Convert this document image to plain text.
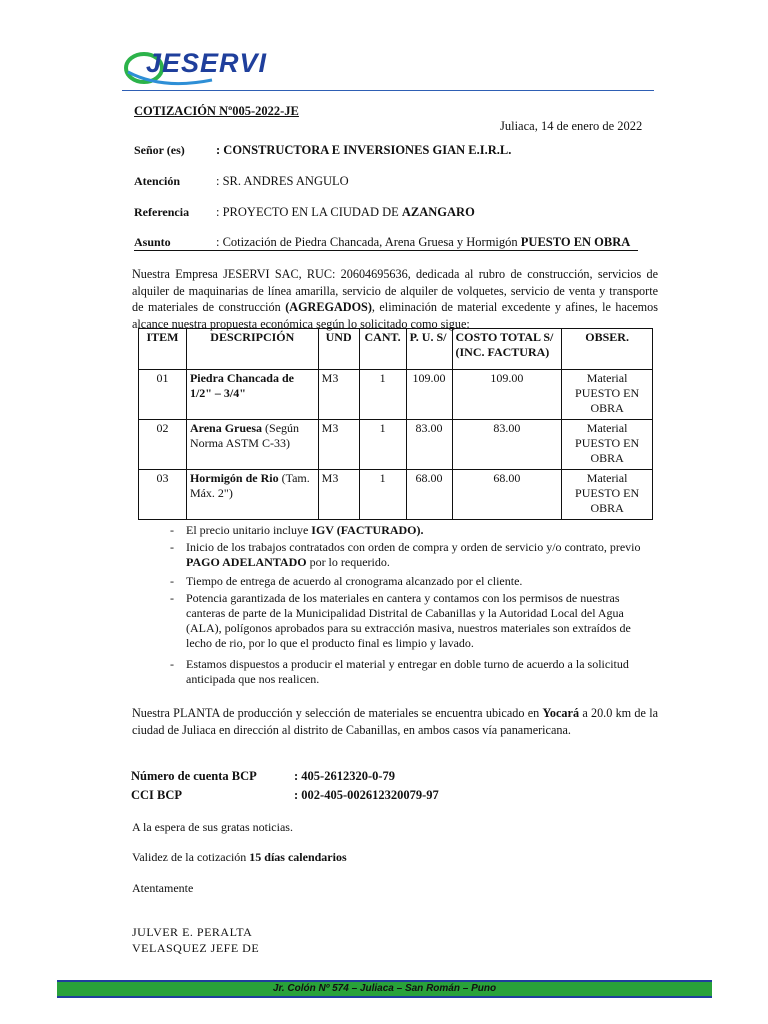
JESERVI
COTIZACIÓN Nº005-2022-JE
Juliaca, 14 de enero de 2022
Señor (es) : CONSTRUCTORA E INVERSIONES GIAN E.I.R.L.
Atención	: SR. ANDRES ANGULO
Referencia : PROYECTO EN LA CIUDAD DE AZANGARO
Asunto	: Cotización de Piedra Chancada, Arena Gruesa y Hormigón PUESTO EN OBRA
Nuestra Empresa JESERVI SAC, RUC: 20604695636, dedicada al rubro de construcción, servicios de alquiler de maquinarias de línea amarilla, servicio de alquiler de volquetes, servicio de venta y transporte de materiales de construcción (AGREGADOS), eliminación de material excedente y afines, le hacemos alcance nuestra propuesta económica según lo solicitado como sigue:
ITEM	DESCRIPCIÓN	UND	CANT.	P. U. S/	COSTO TOTAL S/ (INC. FACTURA)	OBSER.
01	Piedra Chancada de 1/2" – 3/4"	M3	1	109.00	109.00	Material PUESTO EN OBRA
02	Arena Gruesa (Según Norma ASTM C-33)	M3	1	83.00	83.00	Material PUESTO EN OBRA
03	Hormigón de Rio (Tam. Máx. 2")	M3	1	68.00	68.00	Material PUESTO EN OBRA

- El precio unitario incluye IGV (FACTURADO).

- Inicio de los trabajos contratados con orden de compra y orden de servicio y/o contrato, previo PAGO ADELANTADO por lo requerido.

- Tiempo de entrega de acuerdo al cronograma alcanzado por el cliente.

- Potencia garantizada de los materiales en cantera y contamos con los permisos de nuestras canteras de parte de la Municipalidad Distrital de Cabanillas y la Autoridad Local del Agua (ALA), polígonos aprobados para su extracción masiva, nuestros materiales son extraídos de lecho de rio, por lo que el producto final es limpio y lavado.

- Estamos dispuestos a producir el material y entregar en doble turno de acuerdo a la solicitud anticipada que nos realicen.

Nuestra PLANTA de producción y selección de materiales se encuentra ubicado en Yocará a 20.0 km de la ciudad de Juliaca en dirección al distrito de Cabanillas, en ambos casos vía panamericana.
Número de cuenta BCP	: 405-2612320-0-79
CCI BCP	: 002-405-002612320079-97
A la espera de sus gratas noticias.
Validez de la cotización 15 días calendarios
Atentamente
JULVER E. PERALTA
VELASQUEZ JEFE DE
Jr. Colón Nº 574 – Juliaca – San Román – Puno
